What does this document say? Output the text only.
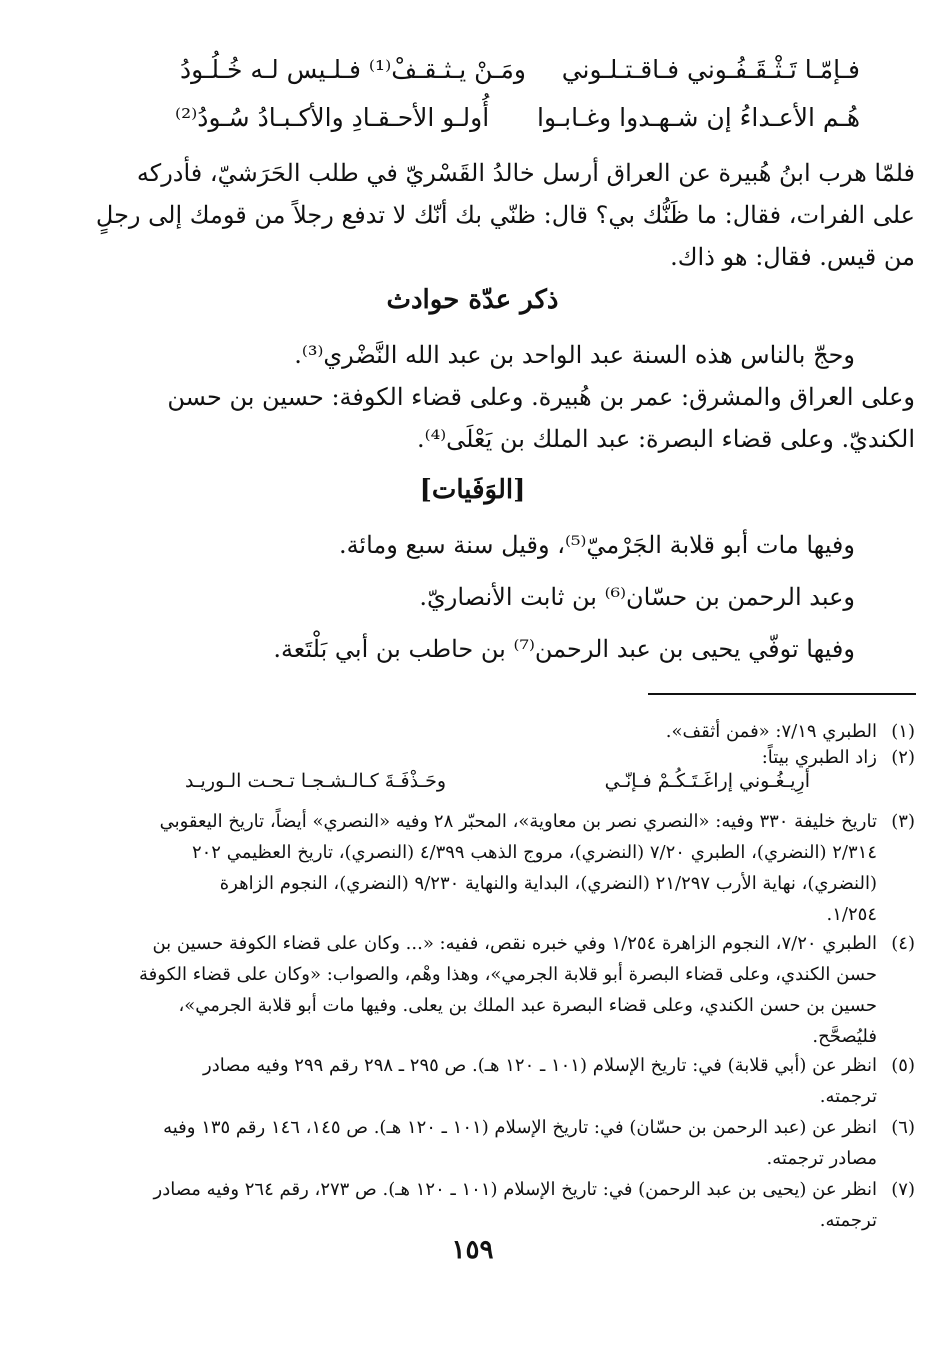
فـإمّـا تَـثْـقَـفُـوني فـاقـتـلـوني
ومَـنْ يـثـقـفْ⁽¹⁾ فـلـيس لـه خُـلُـودُ
هُـم الأعـداءُ إن شـهـدوا وغـابـوا
أُولـو الأحـقـادِ والأكـبـادُ سُـودُ⁽²⁾
فلمّا هرب ابنُ هُبيرة عن العراق أرسل خالدُ القَسْريّ في طلب الحَرَشيّ، فأدركه
على الفرات، فقال: ما ظَنُّك بي؟ قال: ظنّي بك أنّك لا تدفع رجلاً من قومك إلى رجلٍ
من قيس. فقال: هو ذاك.
ذكر عدّة حوادث
وحجّ بالناس هذه السنة عبد الواحد بن عبد الله النَّضْري⁽³⁾.
وعلى العراق والمشرق: عمر بن هُبيرة. وعلى قضاء الكوفة: حسين بن حسن
الكنديّ. وعلى قضاء البصرة: عبد الملك بن يَعْلَى⁽⁴⁾.
[الوَفَيات]
وفيها مات أبو قلابة الجَرْميّ⁽⁵⁾، وقيل سنة سبع ومائة.
وعبد الرحمن بن حسّان⁽⁶⁾ بن ثابت الأنصاريّ.
وفيها توفّي يحيى بن عبد الرحمن⁽⁷⁾ بن حاطب بن أبي بَلْتَعة.
(١)
الطبري ٧/١٩: «فمن أثقف».
(٢)
زاد الطبري بيتاً:
أرِيـغُـوني إراغَـتَـكُـمْ فـإنّـي
وحَـذْفَـةَ كـالـشـجـا تـحـت الـوريـد
(٣)
تاريخ خليفة ٣٣٠ وفيه: «النصري نصر بن معاوية»، المحبّر ٢٨ وفيه «النصري» أيضاً، تاريخ اليعقوبي
٢/٣١٤ (النضري)، الطبري ٧/٢٠ (النضري)، مروج الذهب ٤/٣٩٩ (النصري)، تاريخ العظيمي ٢٠٢
(النضري)، نهاية الأرب ٢١/٢٩٧ (النضري)، البداية والنهاية ٩/٢٣٠ (النضري)، النجوم الزاهرة
١/٢٥٤.
(٤)
الطبري ٧/٢٠، النجوم الزاهرة ١/٢٥٤ وفي خبره نقص، ففيه: «... وكان على قضاء الكوفة حسين بن
حسن الكندي، وعلى قضاء البصرة أبو قلابة الجرمي»، وهذا وهْم، والصواب: «وكان على قضاء الكوفة
حسين بن حسن الكندي، وعلى قضاء البصرة عبد الملك بن يعلى. وفيها مات أبو قلابة الجرمي»،
فليُصحَّح.
(٥)
انظر عن (أبي قلابة) في: تاريخ الإسلام (١٠١ ـ ١٢٠ هـ). ص ٢٩٥ ـ ٢٩٨ رقم ٢٩٩ وفيه مصادر
ترجمته.
(٦)
انظر عن (عبد الرحمن بن حسّان) في: تاريخ الإسلام (١٠١ ـ ١٢٠ هـ). ص ١٤٥، ١٤٦ رقم ١٣٥ وفيه
مصادر ترجمته.
(٧)
انظر عن (يحيى بن عبد الرحمن) في: تاريخ الإسلام (١٠١ ـ ١٢٠ هـ). ص ٢٧٣، رقم ٢٦٤ وفيه مصادر
ترجمته.
١٥٩
